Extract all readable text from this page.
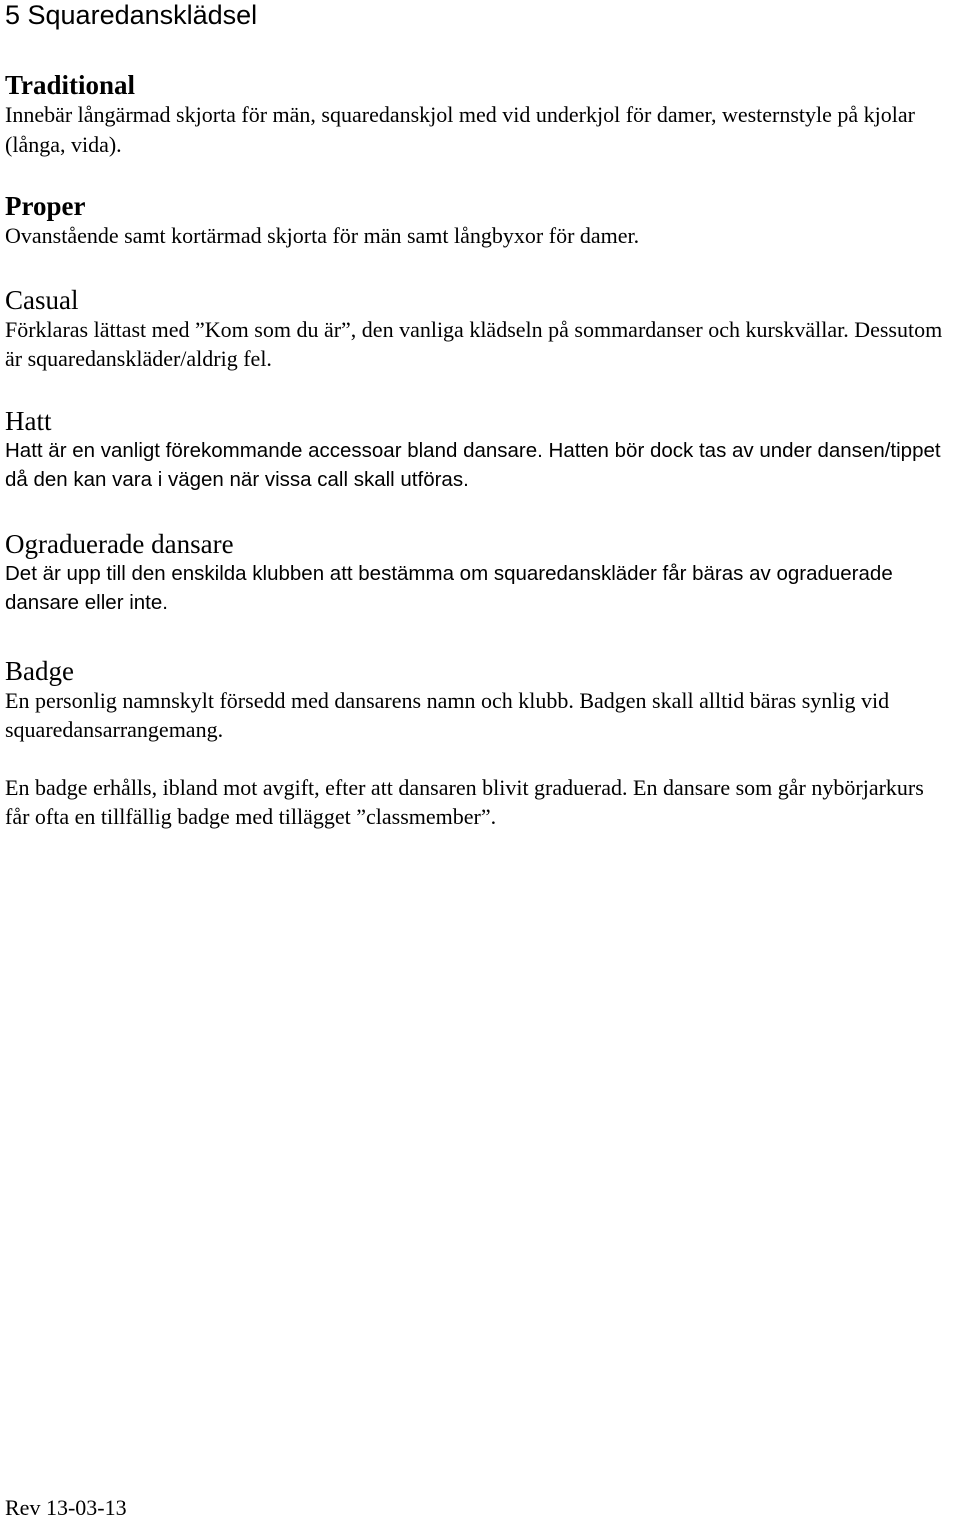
5 Squaredansklädsel
Traditional

Innebär långärmad skjorta för män, squaredanskjol med vid underkjol för damer, westernstyle på kjolar (långa, vida).

Proper

Ovanstående samt kortärmad skjorta för män samt långbyxor för damer.

Casual

Förklaras lättast med ”Kom som du är”, den vanliga klädseln på sommardanser och kurskvällar. Dessutom är squaredanskläder/aldrig fel.

Hatt

Hatt är en vanligt förekommande accessoar bland dansare. Hatten bör dock tas av under dansen/tippet då den kan vara i vägen när vissa call skall utföras.

Ograduerade dansare

Det är upp till den enskilda klubben att bestämma om squaredanskläder får bäras av ograduerade dansare eller inte.

Badge

En personlig namnskylt försedd med dansarens namn och klubb. Badgen skall alltid bäras synlig vid squaredansarrangemang.

En badge erhålls, ibland mot avgift, efter att dansaren blivit graduerad. En dansare som går nybörjarkurs får ofta en tillfällig badge med tillägget ”classmember”.

Rev 13-03-13
